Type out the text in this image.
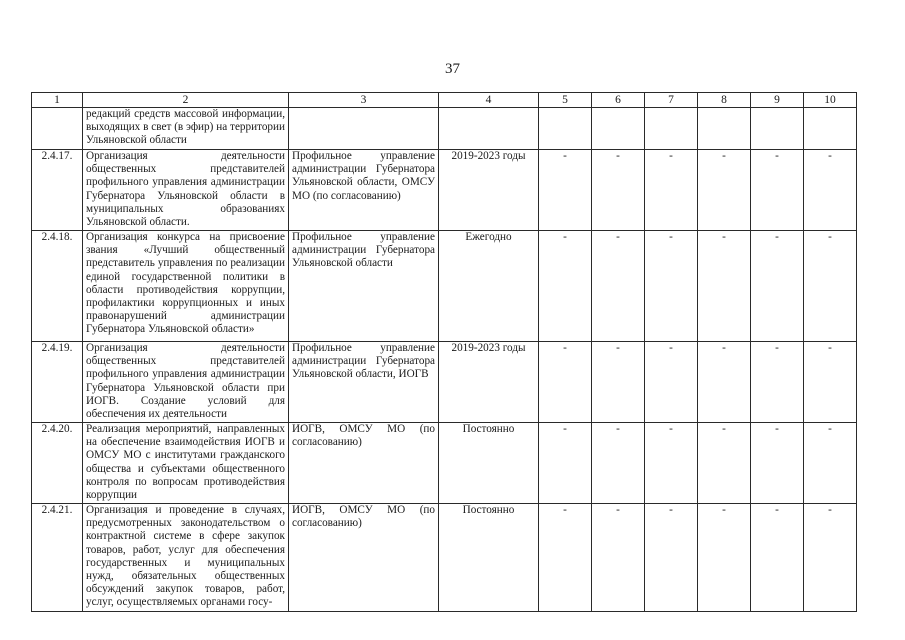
37
1	2	3	4	5	6	7	8	9	10
	редакций средств массовой информации, выходящих в свет (в эфир) на территории Ульяновской области								
2.4.17.	Организация деятельности общественных представителей профильного управления администрации Губернатора Ульяновской области в муниципальных образованиях Ульяновской области.	Профильное управление администрации Губернатора Ульяновской области, ОМСУ МО (по согласованию)	2019-2023 годы	-	-	-	-	-	-
2.4.18.	Организация конкурса на присвоение звания «Лучший общественный представитель управления по реализации единой государственной политики в области противодействия коррупции, профилактики коррупционных и иных правонарушений администрации Губернатора Ульяновской области»	Профильное управление администрации Губернатора Ульяновской области	Ежегодно	-	-	-	-	-	-
2.4.19.	Организация деятельности общественных представителей профильного управления администрации Губернатора Ульяновской области при ИОГВ. Создание условий для обеспечения их деятельности	Профильное управление администрации Губернатора Ульяновской области, ИОГВ	2019-2023 годы	-	-	-	-	-	-
2.4.20.	Реализация мероприятий, направленных на обеспечение взаимодействия ИОГВ и ОМСУ МО с институтами гражданского общества и субъектами общественного контроля по вопросам противодействия коррупции	ИОГВ, ОМСУ МО (по согласованию)	Постоянно	-	-	-	-	-	-
2.4.21.	Организация и проведение в случаях, предусмотренных законодательством о контрактной системе в сфере закупок товаров, работ, услуг для обеспечения государственных и муниципальных нужд, обязательных общественных обсуждений закупок товаров, работ, услуг, осуществляемых органами госу-	ИОГВ, ОМСУ МО (по согласованию)	Постоянно	-	-	-	-	-	-
